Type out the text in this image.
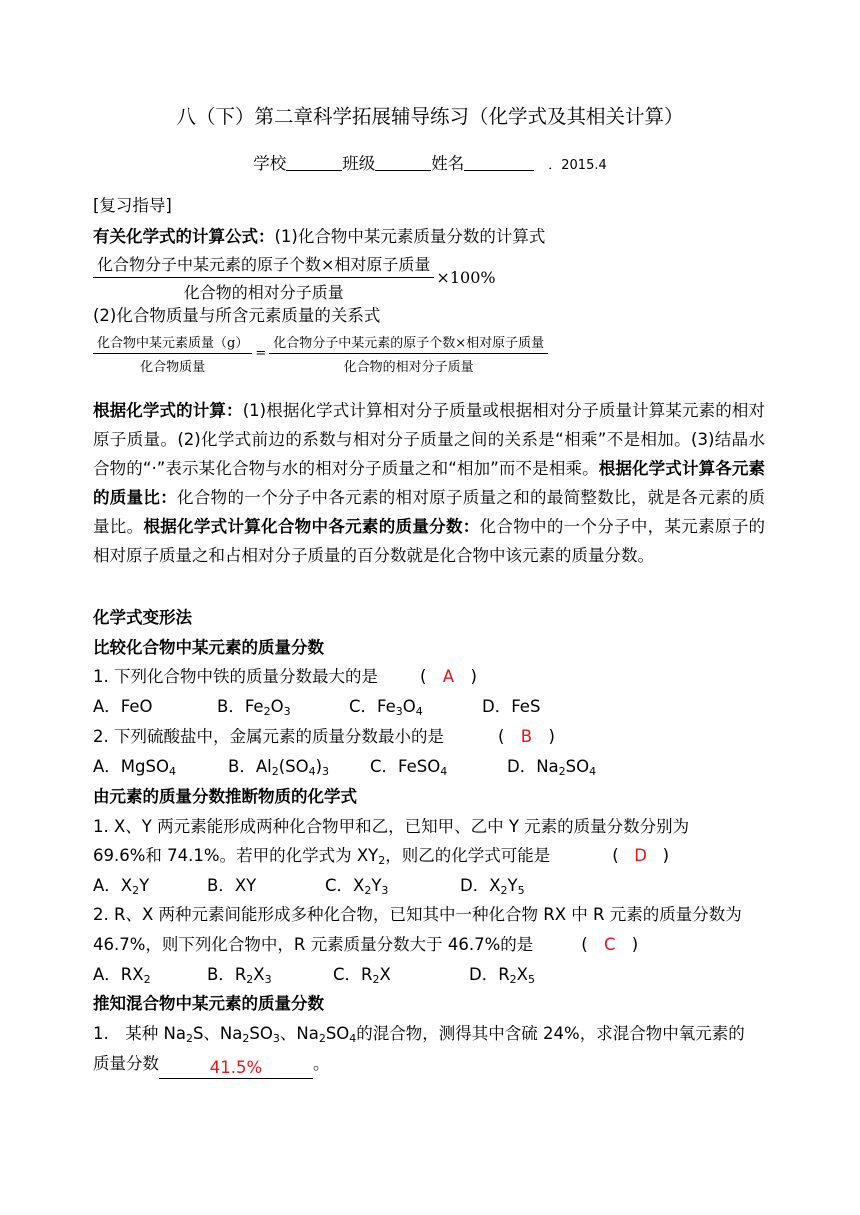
八（下）第二章科学拓展辅导练习（化学式及其相关计算）
学校	班级	姓名	．2015.4
[复习指导]
有关化学式的计算公式：(1)化合物中某元素质量分数的计算式
$\frac{\text{化合物分子中某元素的原子个数×相对原子质量}}{\text{化合物的相对分子质量}} \times 100\%$
(2)化合物质量与所含元素质量的关系式
$\frac{\text{化合物中某元素质量（g）}}{\text{化合物质量}} = \frac{\text{化合物分子中某元素的原子个数×相对原子质量}}{\text{化合物的相对分子质量}}$
根据化学式的计算：(1)根据化学式计算相对分子质量或根据相对分子质量计算某元素的相对原子质量。(2)化学式前边的系数与相对分子质量之间的关系是“相乘”不是相加。(3)结晶水合物的“·”表示某化合物与水的相对分子质量之和“相加”而不是相乘。根据化学式计算各元素的质量比：化合物的一个分子中各元素的相对原子质量之和的最简整数比，就是各元素的质量比。根据化学式计算化合物中各元素的质量分数：化合物中的一个分子中，某元素原子的相对原子质量之和占相对分子质量的百分数就是化合物中该元素的质量分数。
化学式变形法
比较化合物中某元素的质量分数
1. 下列化合物中铁的质量分数最大的是	( A )
A．FeO	B．$Fe_2O_3$	C．$Fe_3O_4$	D．FeS
2. 下列硫酸盐中，金属元素的质量分数最小的是	( B )
A．MgSO$_4$	B．$Al_2(SO_4)_3$ C．FeSO$_4$	D．$Na_2SO_4$
由元素的质量分数推断物质的化学式
1. X、Y 两元素能形成两种化合物甲和乙，已知甲、乙中 Y 元素的质量分数分别为
69.6%和 74.1%。若甲的化学式为 $XY_2$，则乙的化学式可能是	( D )
A．$X_2Y$	B．XY	C．$X_2Y_3$	D．$X_2Y_5$
2. R、X 两种元素间能形成多种化合物，已知其中一种化合物 RX 中 R 元素的质量分数为
46.7%，则下列化合物中，R 元素质量分数大于 46.7%的是	( C )
A．$RX_2$	B．$R_2X_3$	C．$R_2X$	D．$R_2X_5$
推知混合物中某元素的质量分数
1.　某种 $Na_2S$、$Na_2SO_3$、$Na_2SO_4$的混合物，测得其中含硫 24%，求混合物中氧元素的
质量分数	41.5%	。
